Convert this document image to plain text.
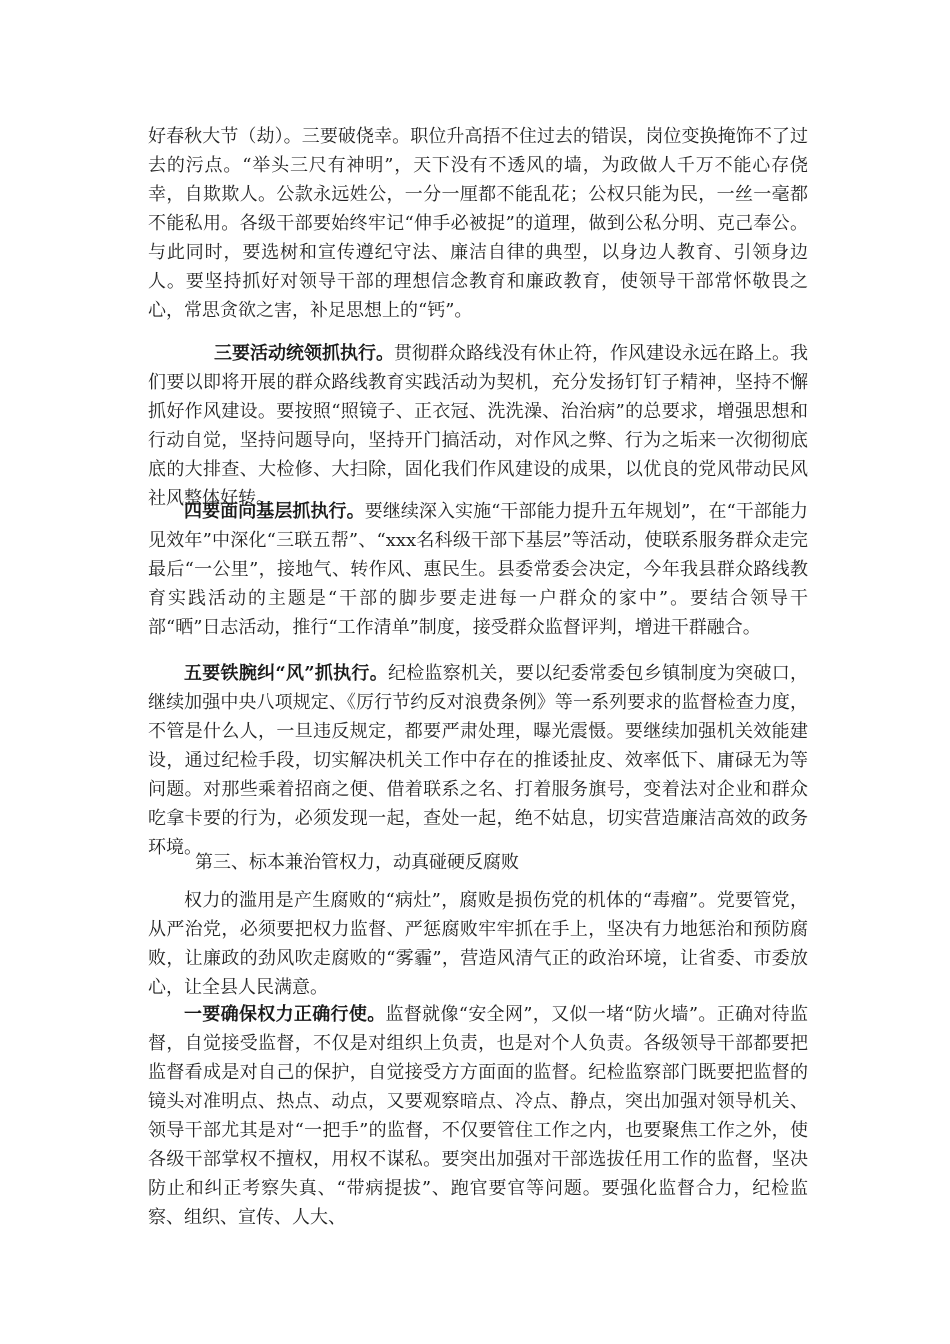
好春秋大节（劫）。三要破侥幸。职位升高捂不住过去的错误，岗位变换掩饰不了过去的污点。“举头三尺有神明”，天下没有不透风的墙，为政做人千万不能心存侥幸，自欺欺人。公款永远姓公，一分一厘都不能乱花；公权只能为民，一丝一毫都不能私用。各级干部要始终牢记“伸手必被捉”的道理，做到公私分明、克己奉公。与此同时，要选树和宣传遵纪守法、廉洁自律的典型，以身边人教育、引领身边人。要坚持抓好对领导干部的理想信念教育和廉政教育，使领导干部常怀敬畏之心，常思贪欲之害，补足思想上的“钙”。

三要活动统领抓执行。贯彻群众路线没有休止符，作风建设永远在路上。我们要以即将开展的群众路线教育实践活动为契机，充分发扬钉钉子精神，坚持不懈抓好作风建设。要按照“照镜子、正衣冠、洗洗澡、治治病”的总要求，增强思想和行动自觉，坚持问题导向，坚持开门搞活动，对作风之弊、行为之垢来一次彻彻底底的大排查、大检修、大扫除，固化我们作风建设的成果，以优良的党风带动民风社风整体好转。

四要面向基层抓执行。要继续深入实施“干部能力提升五年规划”，在“干部能力见效年”中深化“三联五帮”、“xxx名科级干部下基层”等活动，使联系服务群众走完最后“一公里”，接地气、转作风、惠民生。县委常委会决定，今年我县群众路线教育实践活动的主题是“干部的脚步要走进每一户群众的家中”。要结合领导干部“晒”日志活动，推行“工作清单”制度，接受群众监督评判，增进干群融合。

五要铁腕纠“风”抓执行。纪检监察机关，要以纪委常委包乡镇制度为突破口，继续加强中央八项规定、《厉行节约反对浪费条例》等一系列要求的监督检查力度，不管是什么人，一旦违反规定，都要严肃处理，曝光震慑。要继续加强机关效能建设，通过纪检手段，切实解决机关工作中存在的推诿扯皮、效率低下、庸碌无为等问题。对那些乘着招商之便、借着联系之名、打着服务旗号，变着法对企业和群众吃拿卡要的行为，必须发现一起，查处一起，绝不姑息，切实营造廉洁高效的政务环境。

第三、标本兼治管权力，动真碰硬反腐败

权力的滥用是产生腐败的“病灶”，腐败是损伤党的机体的“毒瘤”。党要管党，从严治党，必须要把权力监督、严惩腐败牢牢抓在手上，坚决有力地惩治和预防腐败，让廉政的劲风吹走腐败的“雾霾”，营造风清气正的政治环境，让省委、市委放心，让全县人民满意。

一要确保权力正确行使。监督就像“安全网”，又似一堵“防火墙”。正确对待监督，自觉接受监督，不仅是对组织上负责，也是对个人负责。各级领导干部都要把监督看成是对自己的保护，自觉接受方方面面的监督。纪检监察部门既要把监督的镜头对准明点、热点、动点，又要观察暗点、冷点、静点，突出加强对领导机关、领导干部尤其是对“一把手”的监督，不仅要管住工作之内，也要聚焦工作之外，使各级干部掌权不擅权，用权不谋私。要突出加强对干部选拔任用工作的监督，坚决防止和纠正考察失真、“带病提拔”、跑官要官等问题。要强化监督合力，纪检监察、组织、宣传、人大、
